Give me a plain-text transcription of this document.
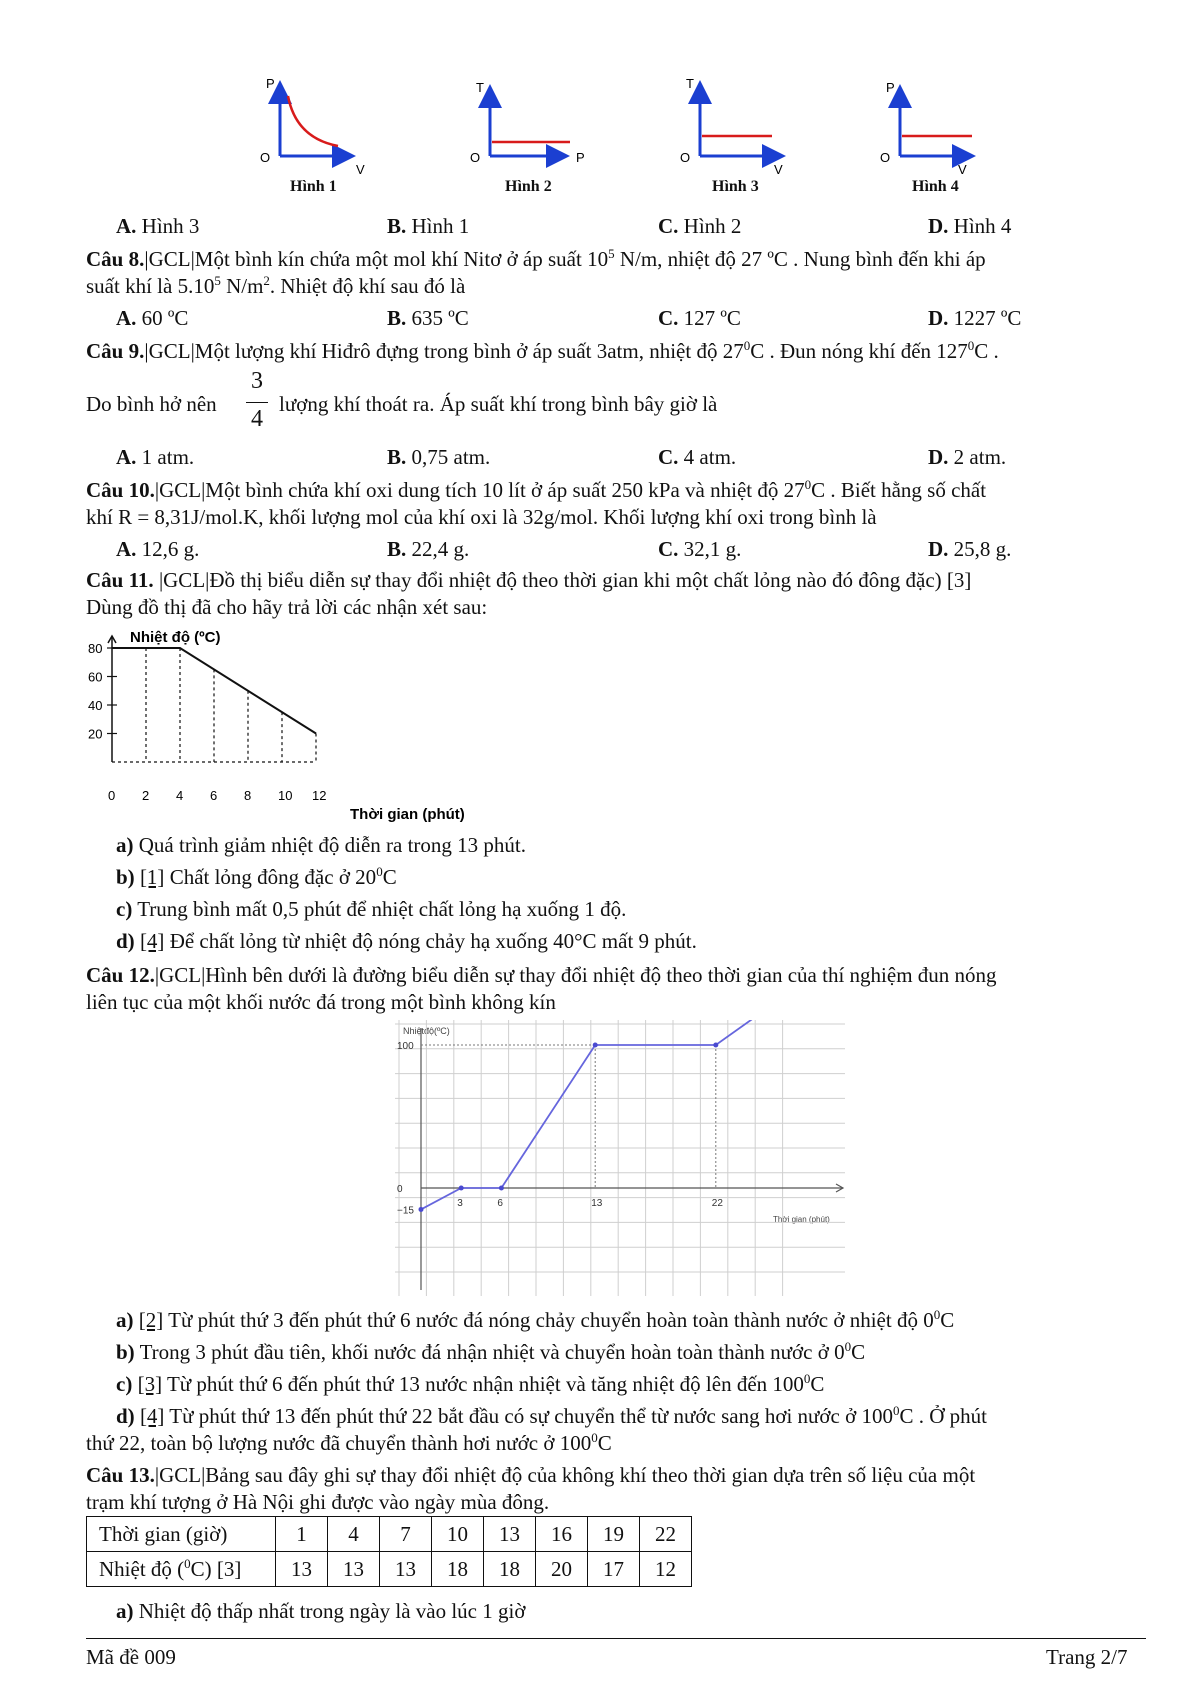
P
O
V
T
O	P
T
O
V
P
O
V
Hình 1	Hình 2	Hình 3	Hình 4
A. Hình 3	B. Hình 1	C. Hình 2	D. Hình 4
Câu 8.|GCL|Một bình kín chứa một mol khí Nitơ ở áp suất $10^5$ N/m, nhiệt độ 27 ºC . Nung bình đến khi áp
suất khí là 5.10$^5$ $N/m^2$. Nhiệt độ khí sau đó là
A. 60 ºC	B. 635 ºC	C. 127 ºC	D. 1227 ºC
Câu 9.|GCL|Một lượng khí Hiđrô đựng trong bình ở áp suất 3atm, nhiệt độ $27^0C$ . Đun nóng khí đến $127^0C$ .
Do bình hở nên
3
4
lượng khí thoát ra. Áp suất khí trong bình bây giờ là
A. 1 atm.	B. 0,75 atm.	C. 4 atm.	D. 2 atm.
Câu 10.|GCL|Một bình chứa khí oxi dung tích 10 lít ở áp suất 250 kPa và nhiệt độ $27^0C$ . Biết hằng số chất
khí R = 8,31J/mol.K, khối lượng mol của khí oxi là 32g/mol. Khối lượng khí oxi trong bình là
A. 12,6 g.	B. 22,4 g.	C. 32,1 g.	D. 25,8 g.
Câu 11. |GCL|Đồ thị biểu diễn sự thay đổi nhiệt độ theo thời gian khi một chất lỏng nào đó đông đặc) [3]
Dùng đồ thị đã cho hãy trả lời các nhận xét sau:
Nhiệt độ (ºC)
Thời gian (phút)
20
40
60
80
0 2 4 6 8 10 12
a) Quá trình giảm nhiệt độ diễn ra trong 13 phút.
b) [1] Chất lỏng đông đặc ở $20^0C$
c) Trung bình mất 0,5 phút để nhiệt chất lỏng hạ xuống 1 độ.
d) [4] Để chất lỏng từ nhiệt độ nóng chảy hạ xuống 40°C mất 9 phút.
Câu 12.|GCL|Hình bên dưới là đường biểu diễn sự thay đổi nhiệt độ theo thời gian của thí nghiệm đun nóng
liên tục của một khối nước đá trong một bình không kín
Nhiệtđộ(ºC)
Thời gian (phút)
−15
0
100
3	6	13	22
a) [2] Từ phút thứ 3 đến phút thứ 6 nước đá nóng chảy chuyển hoàn toàn thành nước ở nhiệt độ $0^0C$
b) Trong 3 phút đầu tiên, khối nước đá nhận nhiệt và chuyển hoàn toàn thành nước ở $0^0C$
c) [3] Từ phút thứ 6 đến phút thứ 13 nước nhận nhiệt và tăng nhiệt độ lên đến $100^0C$
d) [4] Từ phút thứ 13 đến phút thứ 22 bắt đầu có sự chuyển thể từ nước sang hơi nước ở $100^0C$ . Ở phút
thứ 22, toàn bộ lượng nước đã chuyển thành hơi nước ở $100^0C$
Câu 13.|GCL|Bảng sau đây ghi sự thay đổi nhiệt độ của không khí theo thời gian dựa trên số liệu của một
trạm khí tượng ở Hà Nội ghi được vào ngày mùa đông.
Thời gian (giờ)	1	4	7	10	13	16	19	22
Nhiệt độ ($^0$C) [3]	13	13	13	18	18	20	17	12
a) Nhiệt độ thấp nhất trong ngày là vào lúc 1 giờ
Mã đề 009	Trang 2/7
